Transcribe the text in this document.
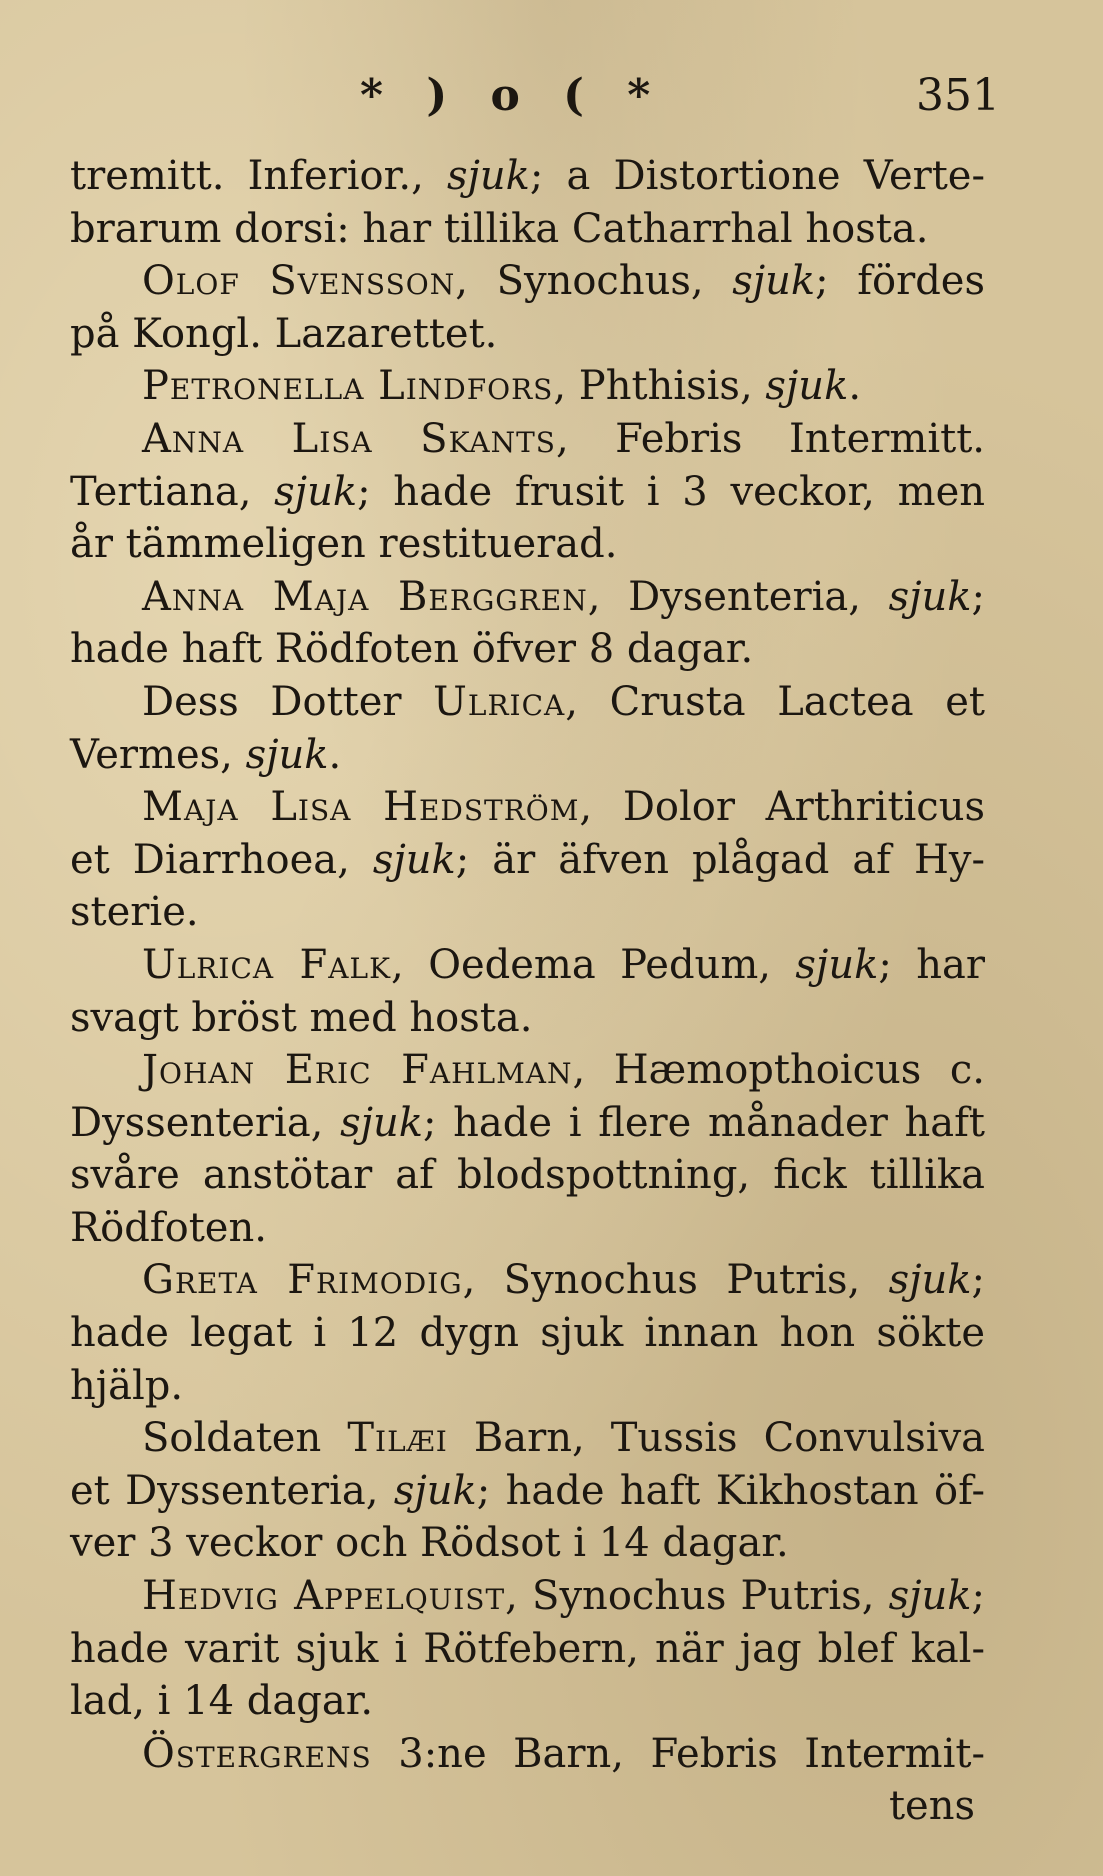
* ) o ( *	351
tremitt. Inferior., sjuk; a Distortione Verte-
brarum dorsi: har tillika Catharrhal hosta.
Olof Svensson, Synochus, sjuk; fördes
på Kongl. Lazarettet.
Petronella Lindfors, Phthisis, sjuk.
Anna Lisa Skants, Febris Intermitt.
Tertiana, sjuk; hade frusit i 3 veckor, men
år tämmeligen restituerad.
Anna Maja Berggren, Dysenteria, sjuk;
hade haft Rödfoten öfver 8 dagar.
Dess Dotter Ulrica, Crusta Lactea et
Vermes, sjuk.
Maja Lisa Hedström, Dolor Arthriticus
et Diarrhoea, sjuk; är äfven plågad af Hy-
sterie.
Ulrica Falk, Oedema Pedum, sjuk; har
svagt bröst med hosta.
Johan Eric Fahlman, Hæmopthoicus c.
Dyssenteria, sjuk; hade i flere månader haft
svåre anstötar af blodspottning, fick tillika
Rödfoten.
Greta Frimodig, Synochus Putris, sjuk;
hade legat i 12 dygn sjuk innan hon sökte
hjälp.
Soldaten Tilæi Barn, Tussis Convulsiva
et Dyssenteria, sjuk; hade haft Kikhostan öf-
ver 3 veckor och Rödsot i 14 dagar.
Hedvig Appelquist, Synochus Putris, sjuk;
hade varit sjuk i Rötfebern, när jag blef kal-
lad, i 14 dagar.
Östergrens 3:ne Barn, Febris Intermit-
tens
